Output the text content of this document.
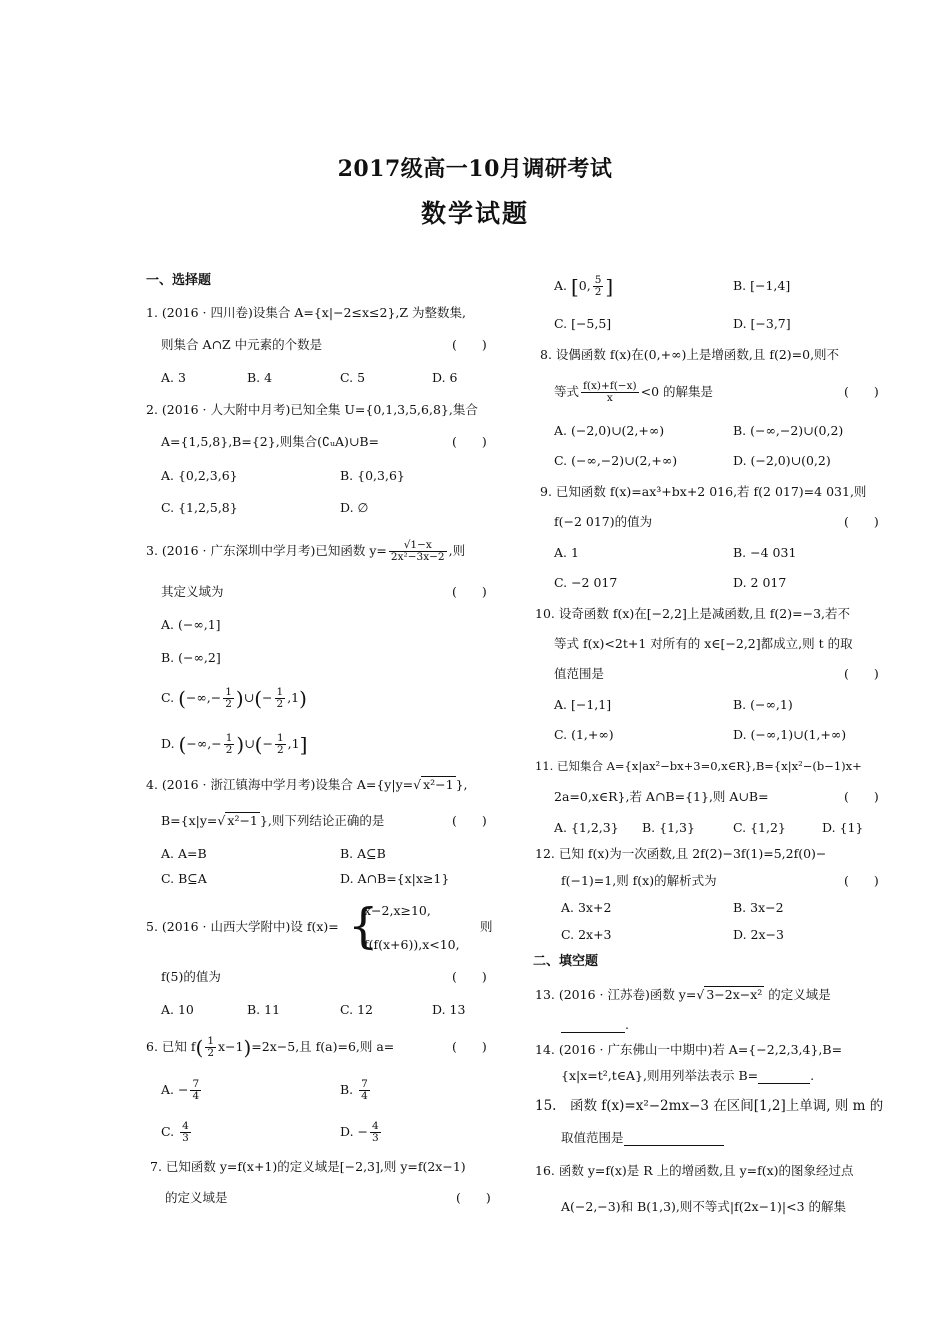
2017级高一10月调研考试
数学试题
一、选择题
1. (2016 · 四川卷)设集合 A={x|−2≤x≤2},Z 为整数集,
则集合 A∩Z 中元素的个数是	(　　)
A. 3	B. 4	C. 5	D. 6
2. (2016 · 人大附中月考)已知全集 U={0,1,3,5,6,8},集合
A={1,5,8},B={2},则集合(∁ᵤA)∪B=	(　　)
A. {0,2,3,6}	B. {0,3,6}
C. {1,2,5,8}	D. ∅
3. (2016 · 广东深圳中学月考)已知函数 $y= \frac{√1-x}{\text{2x²−3x−2}}$ ,则
其定义域为	(　　)
A. (−∞,1]
B. (−∞,2]
C. (−∞,− $\frac{1}{2}$ )∪(− $\frac{1}{2} ,1$)
D. (−∞,− $\frac{1}{2}$ )∪(− $\frac{1}{2} ,1$]
4. (2016 · 浙江镇海中学月考)设集合 A={y|y=√ x²−1 },
B={x|y=√ x²−1 },则下列结论正确的是	(　　)
A. A=B	B. A⊆B
C. B⊆A	D. A∩B={x|x≥1}
5. (2016 · 山西大学附中)设 f(x)= {
x−2,x≥10,
f(f(x+6)),x<10,
则
f(5)的值为	(　　)
A. 10	B. 11	C. 12	D. 13
6. 已知 $f( \frac{1}{2} x-1)=2x-5$,且 f(a)=6,则 a=	(　　)
A. − $\frac{7}{4}$	B. $\frac{7}{4}$
C. $\frac{4}{3}$	D. − $\frac{4}{3}$
7. 已知函数 y=f(x+1)的定义域是[−2,3],则 y=f(2x−1)
的定义域是	(　　)
A. [0, $\frac{5}{2}$ ]	B. [−1,4]
C. [−5,5]	D. [−3,7]
8. 设偶函数 f(x)在(0,+∞)上是增函数,且 f(2)=0,则不
等式 $\frac{f(x)+f(-x)}{x} <0$ 的解集是	(　　)
A. (−2,0)∪(2,+∞)	B. (−∞,−2)∪(0,2)
C. (−∞,−2)∪(2,+∞)	D. (−2,0)∪(0,2)
9. 已知函数 f(x)=ax³+bx+2 016,若 f(2 017)=4 031,则
f(−2 017)的值为	(　　)
A. 1	B. −4 031
C. −2 017	D. 2 017
10. 设奇函数 f(x)在[−2,2]上是减函数,且 f(2)=−3,若不
等式 f(x)<2t+1 对所有的 x∈[−2,2]都成立,则 t 的取
值范围是	(　　)
A. [−1,1]	B. (−∞,1)
C. (1,+∞)	D. (−∞,1)∪(1,+∞)
11. 已知集合 A={x|ax²−bx+3=0,x∈R},B={x|x²−(b−1)x+
2a=0,x∈R},若 A∩B={1},则 A∪B=	(　　)
A. {1,2,3} B. {1,3}	C. {1,2}	D. {1}
12. 已知 f(x)为一次函数,且 2f(2)−3f(1)=5,2f(0)−
f(−1)=1,则 f(x)的解析式为	(　　)
A. 3x+2	B. 3x−2
C. 2x+3	D. 2x−3
二、填空题
13. (2016 · 江苏卷)函数 y=√ 3−2x−x² 的定义域是
.
14. (2016 · 广东佛山一中期中)若 A={−2,2,3,4},B=
{x|x=t²,t∈A},则用列举法表示 B=	.
15.　函数 f(x)=x²−2mx−3 在区间[1,2]上单调, 则 m 的
取值范围是
16. 函数 y=f(x)是 R 上的增函数,且 y=f(x)的图象经过点
A(−2,−3)和 B(1,3),则不等式|f(2x−1)|<3 的解集
